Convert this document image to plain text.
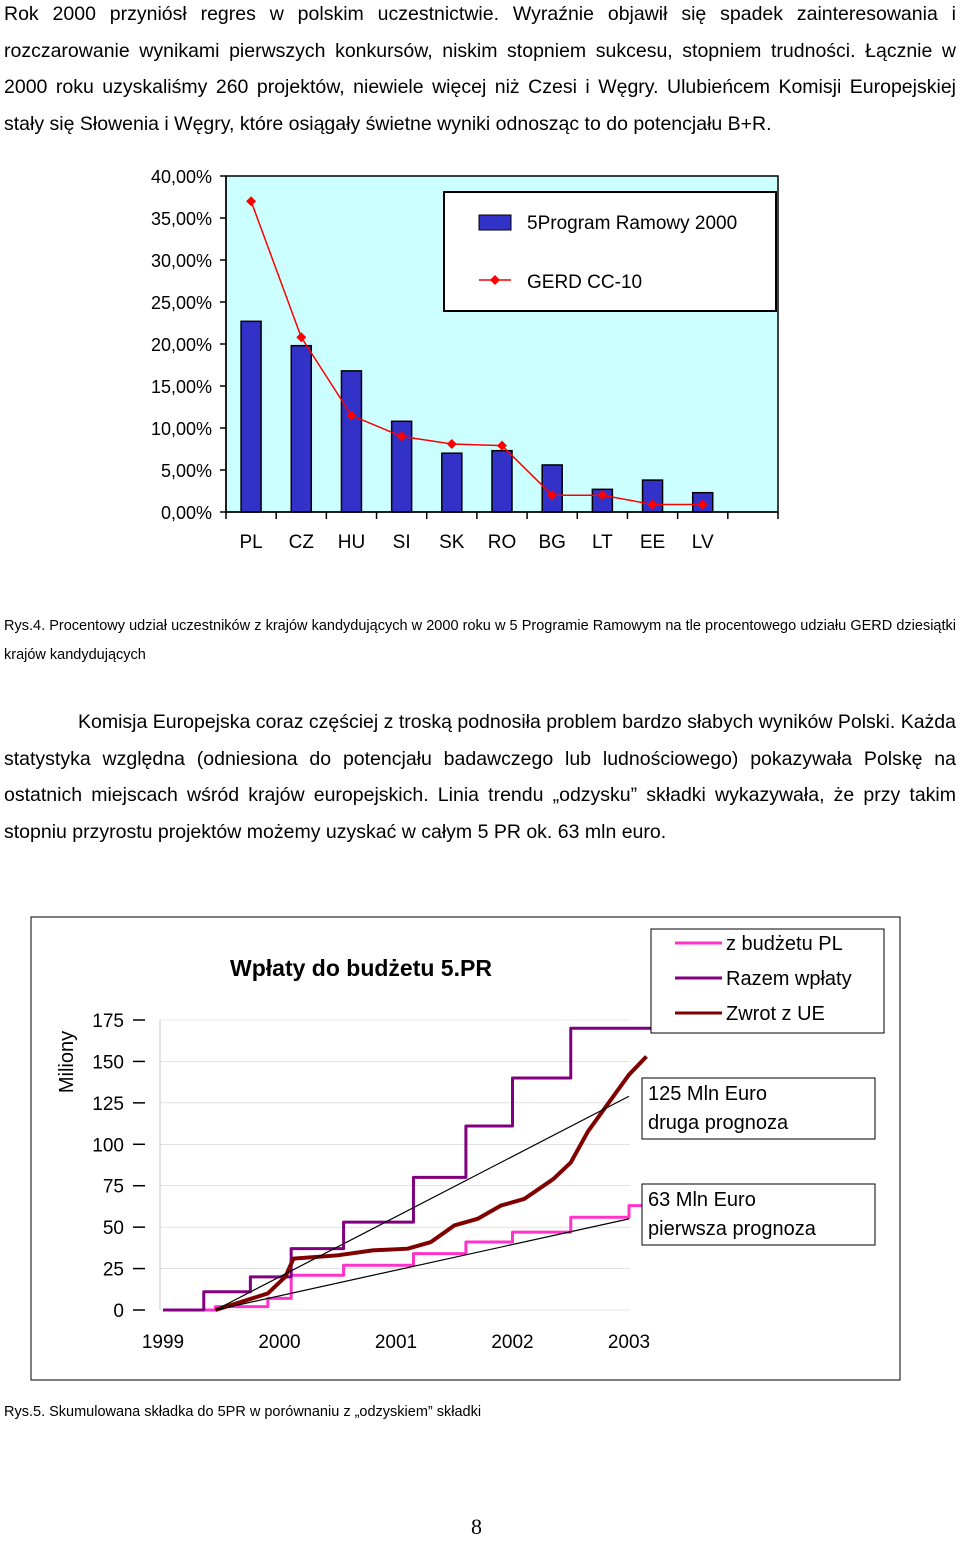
Rok 2000 przyniósł regres w polskim uczestnictwie. Wyraźnie objawił się spadek zainteresowania i rozczarowanie wynikami pierwszych konkursów, niskim stopniem sukcesu, stopniem trudności. Łącznie w 2000 roku uzyskaliśmy 260 projektów, niewiele więcej niż Czesi i Węgry. Ulubieńcem Komisji Europejskiej stały się Słowenia i Węgry, które osiągały świetne wyniki odnosząc to do potencjału B+R.

0,00%
5,00%
10,00%
15,00%
20,00%
25,00%
30,00%
35,00%
40,00%
PL CZ HU SI SK RO BG LT EE LV
5Program Ramowy 2000
GERD CC-10

Rys.4. Procentowy udział uczestników z krajów kandydujących w 2000 roku w 5 Programie Ramowym na tle procentowego udziału GERD dziesiątki krajów kandydujących

Komisja Europejska coraz częściej z troską podnosiła problem bardzo słabych wyników Polski. Każda statystyka względna (odniesiona do potencjału badawczego lub ludnościowego) pokazywała Polskę na ostatnich miejscach wśród krajów europejskich. Linia trendu „odzysku” składki wykazywała, że przy takim stopniu przyrostu projektów możemy uzyskać w całym 5 PR ok. 63 mln euro.

Wpłaty do budżetu 5.PR
Miliony
0
25
50
75
100
125
150
175
1999	2000	2001	2002	2003
z budżetu PL
Razem wpłaty
Zwrot z UE
125 Mln Euro
druga prognoza
63 Mln Euro
pierwsza prognoza

Rys.5. Skumulowana składka do 5PR w porównaniu z „odzyskiem” składki

8
